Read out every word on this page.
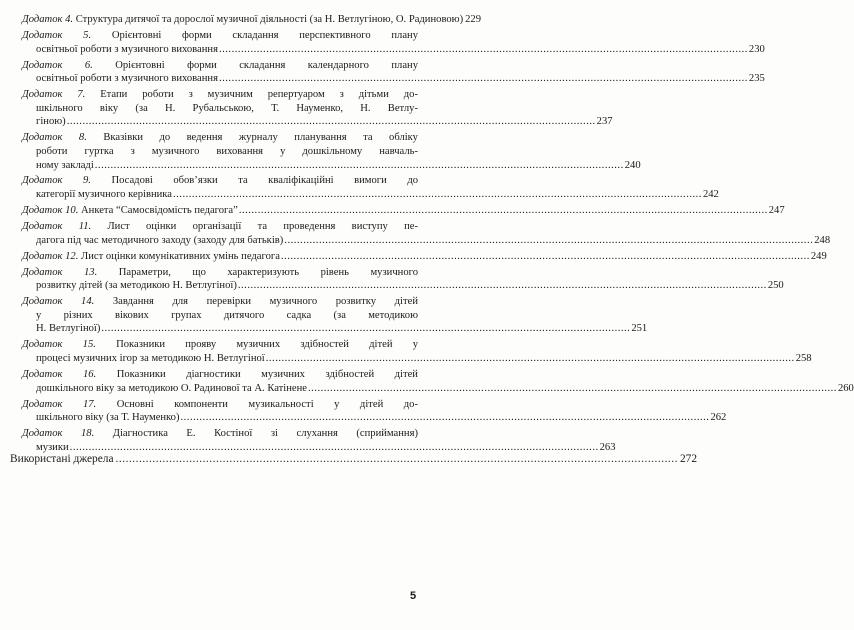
Додаток 4. Структура дитячої та дорослої музичної діяльності (за Н. Ветлугіною, О. Радиновою) 229
Додаток 5. Орієнтовні форми складання перспективного плану
освітньої роботи з музичного виховання .....	230
Додаток 6. Орієнтовні форми складання календарного плану
освітньої роботи з музичного виховання .....	235
Додаток 7. Етапи роботи з музичним репертуаром з дітьми до-
шкільного віку (за Н. Рубальською, Т. Науменко, Н. Ветлу-
гіною) .....	237
Додаток 8. Вказівки до ведення журналу планування та обліку
роботи гуртка з музичного виховання у дошкільному навчаль-
ному закладі .....	240
Додаток 9. Посадові обов’язки та кваліфікаційні вимоги до
категорії музичного керівника .....	242
Додаток 10. Анкета “Самосвідомість педагога” .....	247
Додаток 11. Лист оцінки організації та проведення виступу пе-
дагога під час методичного заходу (заходу для батьків) .....	248
Додаток 12. Лист оцінки комунікативних умінь педагога .....	249
Додаток 13. Параметри, що характеризують рівень музичного
розвитку дітей (за методикою Н. Ветлугіної) .....	250
Додаток 14. Завдання для перевірки музичного розвитку дітей
у різних вікових групах дитячого садка (за методикою
Н. Ветлугіної) .....	251
Додаток 15. Показники прояву музичних здібностей дітей у
процесі музичних ігор за методикою Н. Ветлугіної .....	258
Додаток 16. Показники діагностики музичних здібностей дітей
дошкільного віку за методикою О. Радинової та А. Катінене .....	260
Додаток 17. Основні компоненти музикальності у дітей до-
шкільного віку (за Т. Науменко) .....	262
Додаток 18. Діагностика Е. Костіної зі слухання (сприймання)
музики .....	263
Використані джерела .....	272
5
